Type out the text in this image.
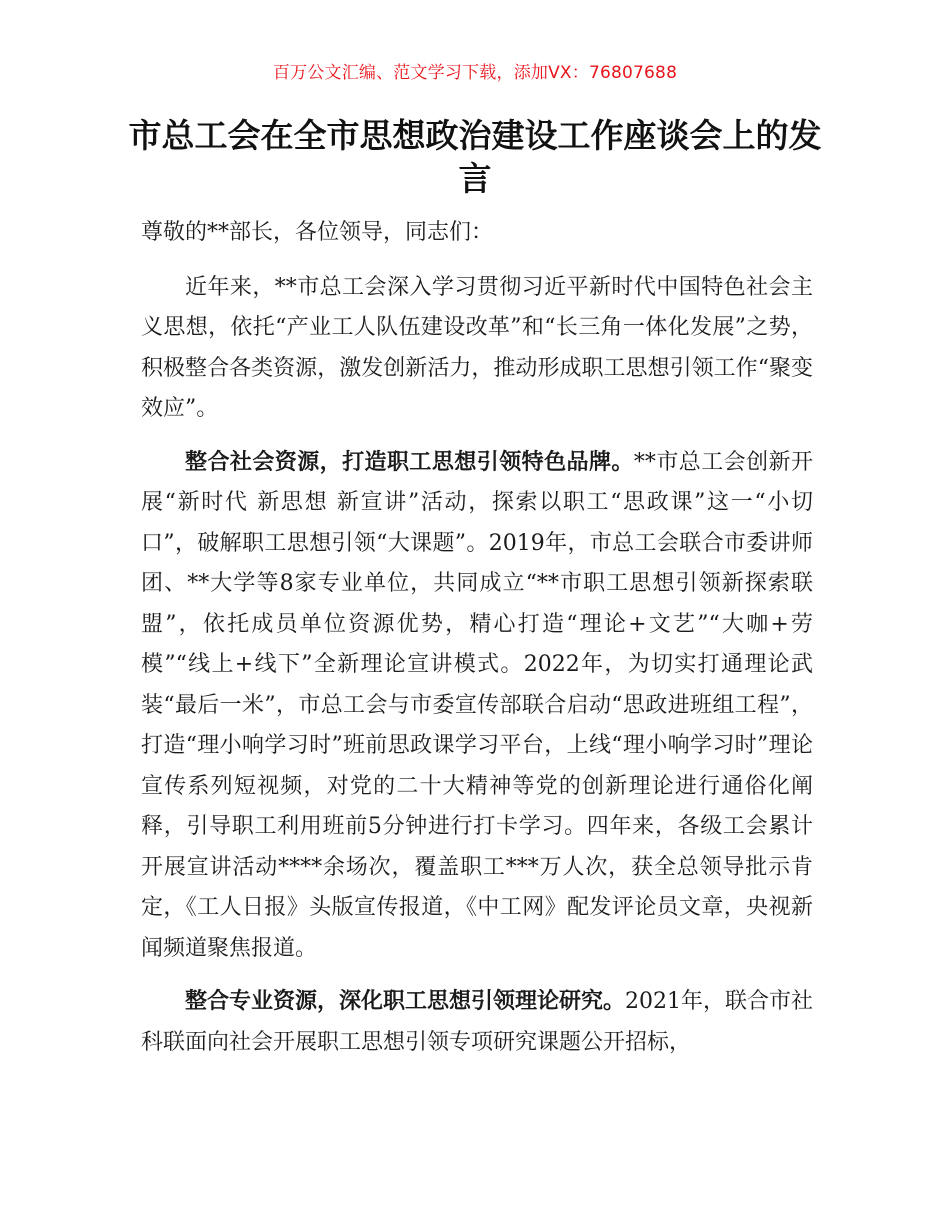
百万公文汇编、范文学习下载，添加VX：76807688
市总工会在全市思想政治建设工作座谈会上的发言

尊敬的**部长，各位领导，同志们：

近年来，**市总工会深入学习贯彻习近平新时代中国特色社会主义思想，依托“产业工人队伍建设改革”和“长三角一体化发展”之势，积极整合各类资源，激发创新活力，推动形成职工思想引领工作“聚变效应”。

整合社会资源，打造职工思想引领特色品牌。**市总工会创新开展“新时代 新思想 新宣讲”活动，探索以职工“思政课”这一“小切口”，破解职工思想引领“大课题”。2019年，市总工会联合市委讲师团、**大学等8家专业单位，共同成立“**市职工思想引领新探索联盟”，依托成员单位资源优势，精心打造“理论+文艺”“大咖+劳模”“线上+线下”全新理论宣讲模式。2022年，为切实打通理论武装“最后一米”，市总工会与市委宣传部联合启动“思政进班组工程”，打造“理小响学习时”班前思政课学习平台，上线“理小响学习时”理论宣传系列短视频，对党的二十大精神等党的创新理论进行通俗化阐释，引导职工利用班前5分钟进行打卡学习。四年来，各级工会累计开展宣讲活动****余场次，覆盖职工***万人次，获全总领导批示肯定，《工人日报》头版宣传报道，《中工网》配发评论员文章，央视新闻频道聚焦报道。

整合专业资源，深化职工思想引领理论研究。2021年，联合市社科联面向社会开展职工思想引领专项研究课题公开招标，
